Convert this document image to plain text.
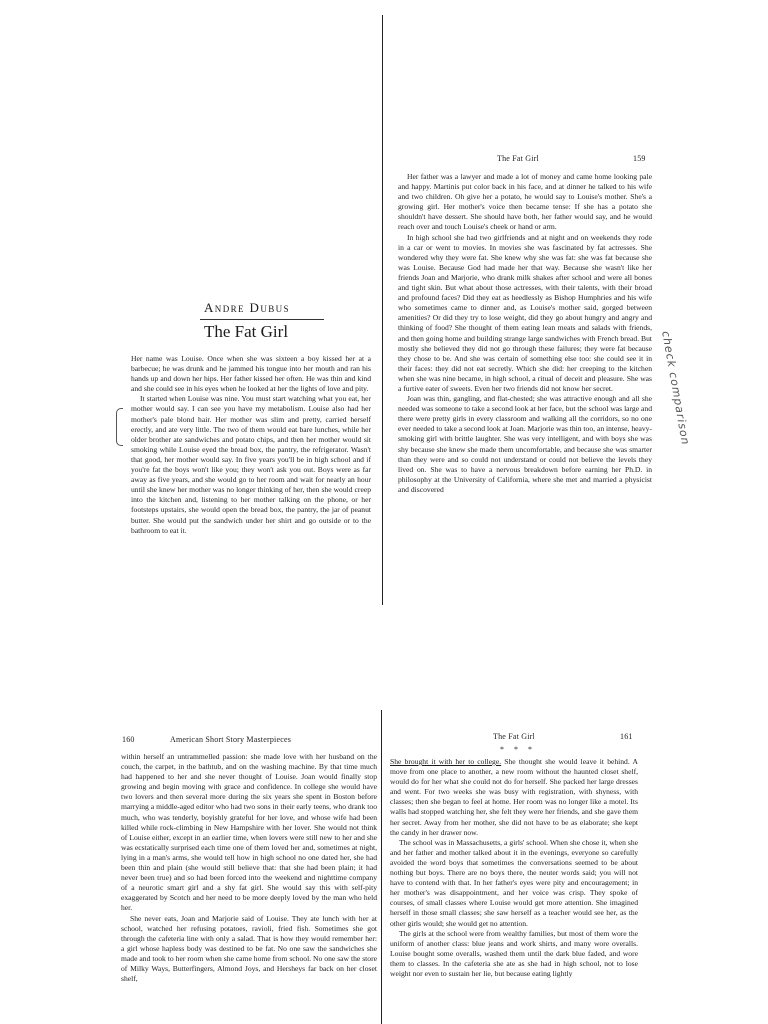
The Fat Girl	159

Her father was a lawyer and made a lot of money and came home looking pale and happy. Martinis put color back in his face, and at dinner he talked to his wife and two children. Oh give her a potato, he would say to Louise's mother. She's a growing girl. Her mother's voice then became tense: If she has a potato she shouldn't have dessert. She should have both, her father would say, and he would reach over and touch Louise's cheek or hand or arm.

In high school she had two girlfriends and at night and on weekends they rode in a car or went to movies. In movies she was fascinated by fat actresses. She wondered why they were fat. She knew why she was fat: she was fat because she was Louise. Because God had made her that way. Because she wasn't like her friends Joan and Marjorie, who drank milk shakes after school and were all bones and tight skin. But what about those actresses, with their talents, with their broad and profound faces? Did they eat as heedlessly as Bishop Humphries and his wife who sometimes came to dinner and, as Louise's mother said, gorged between amenities? Or did they try to lose weight, did they go about hungry and angry and thinking of food? She thought of them eating lean meats and salads with friends, and then going home and building strange large sandwiches with French bread. But mostly she believed they did not go through these failures; they were fat because they chose to be. And she was certain of something else too: she could see it in their faces: they did not eat secretly. Which she did: her creeping to the kitchen when she was nine became, in high school, a ritual of deceit and pleasure. She was a furtive eater of sweets. Even her two friends did not know her secret.

Joan was thin, gangling, and flat-chested; she was attractive enough and all she needed was someone to take a second look at her face, but the school was large and there were pretty girls in every classroom and walking all the corridors, so no one ever needed to take a second look at Joan. Marjorie was thin too, an intense, heavy-smoking girl with brittle laughter. She was very intelligent, and with boys she was shy because she knew she made them uncomfortable, and because she was smarter than they were and so could not understand or could not believe the levels they lived on. She was to have a nervous breakdown before earning her Ph.D. in philosophy at the University of California, where she met and married a physicist and discovered

check comparison
Andre Dubus
The Fat Girl

Her name was Louise. Once when she was sixteen a boy kissed her at a barbecue; he was drunk and he jammed his tongue into her mouth and ran his hands up and down her hips. Her father kissed her often. He was thin and kind and she could see in his eyes when he looked at her the lights of love and pity.

It started when Louise was nine. You must start watching what you eat, her mother would say. I can see you have my metabolism. Louise also had her mother's pale blond hair. Her mother was slim and pretty, carried herself erectly, and ate very little. The two of them would eat bare lunches, while her older brother ate sandwiches and potato chips, and then her mother would sit smoking while Louise eyed the bread box, the pantry, the refrigerator. Wasn't that good, her mother would say. In five years you'll be in high school and if you're fat the boys won't like you; they won't ask you out. Boys were as far away as five years, and she would go to her room and wait for nearly an hour until she knew her mother was no longer thinking of her, then she would creep into the kitchen and, listening to her mother talking on the phone, or her footsteps upstairs, she would open the bread box, the pantry, the jar of peanut butter. She would put the sandwich under her shirt and go outside or to the bathroom to eat it.

160	American Short Story Masterpieces

within herself an untrammelled passion: she made love with her husband on the couch, the carpet, in the bathtub, and on the washing machine. By that time much had happened to her and she never thought of Louise. Joan would finally stop growing and begin moving with grace and confidence. In college she would have two lovers and then several more during the six years she spent in Boston before marrying a middle-aged editor who had two sons in their early teens, who drank too much, who was tenderly, boyishly grateful for her love, and whose wife had been killed while rock-climbing in New Hampshire with her lover. She would not think of Louise either, except in an earlier time, when lovers were still new to her and she was ecstatically surprised each time one of them loved her and, sometimes at night, lying in a man's arms, she would tell how in high school no one dated her, she had been thin and plain (she would still believe that: that she had been plain; it had never been true) and so had been forced into the weekend and nighttime company of a neurotic smart girl and a shy fat girl. She would say this with self-pity exaggerated by Scotch and her need to be more deeply loved by the man who held her.

She never eats, Joan and Marjorie said of Louise. They ate lunch with her at school, watched her refusing potatoes, ravioli, fried fish. Sometimes she got through the cafeteria line with only a salad. That is how they would remember her: a girl whose hapless body was destined to be fat. No one saw the sandwiches she made and took to her room when she came home from school. No one saw the store of Milky Ways, Butterfingers, Almond Joys, and Hersheys far back on her closet shelf,

The Fat Girl	161
* * *

She brought it with her to college. She thought she would leave it behind. A move from one place to another, a new room without the haunted closet shelf, would do for her what she could not do for herself. She packed her large dresses and went. For two weeks she was busy with registration, with shyness, with classes; then she began to feel at home. Her room was no longer like a motel. Its walls had stopped watching her, she felt they were her friends, and she gave them her secret. Away from her mother, she did not have to be as elaborate; she kept the candy in her drawer now.

The school was in Massachusetts, a girls' school. When she chose it, when she and her father and mother talked about it in the evenings, everyone so carefully avoided the word boys that sometimes the conversations seemed to be about nothing but boys. There are no boys there, the neuter words said; you will not have to contend with that. In her father's eyes were pity and encouragement; in her mother's was disappointment, and her voice was crisp. They spoke of courses, of small classes where Louise would get more attention. She imagined herself in those small classes; she saw herself as a teacher would see her, as the other girls would; she would get no attention.

The girls at the school were from wealthy families, but most of them wore the uniform of another class: blue jeans and work shirts, and many wore overalls. Louise bought some overalls, washed them until the dark blue faded, and wore them to classes. In the cafeteria she ate as she had in high school, not to lose weight nor even to sustain her lie, but because eating lightly
